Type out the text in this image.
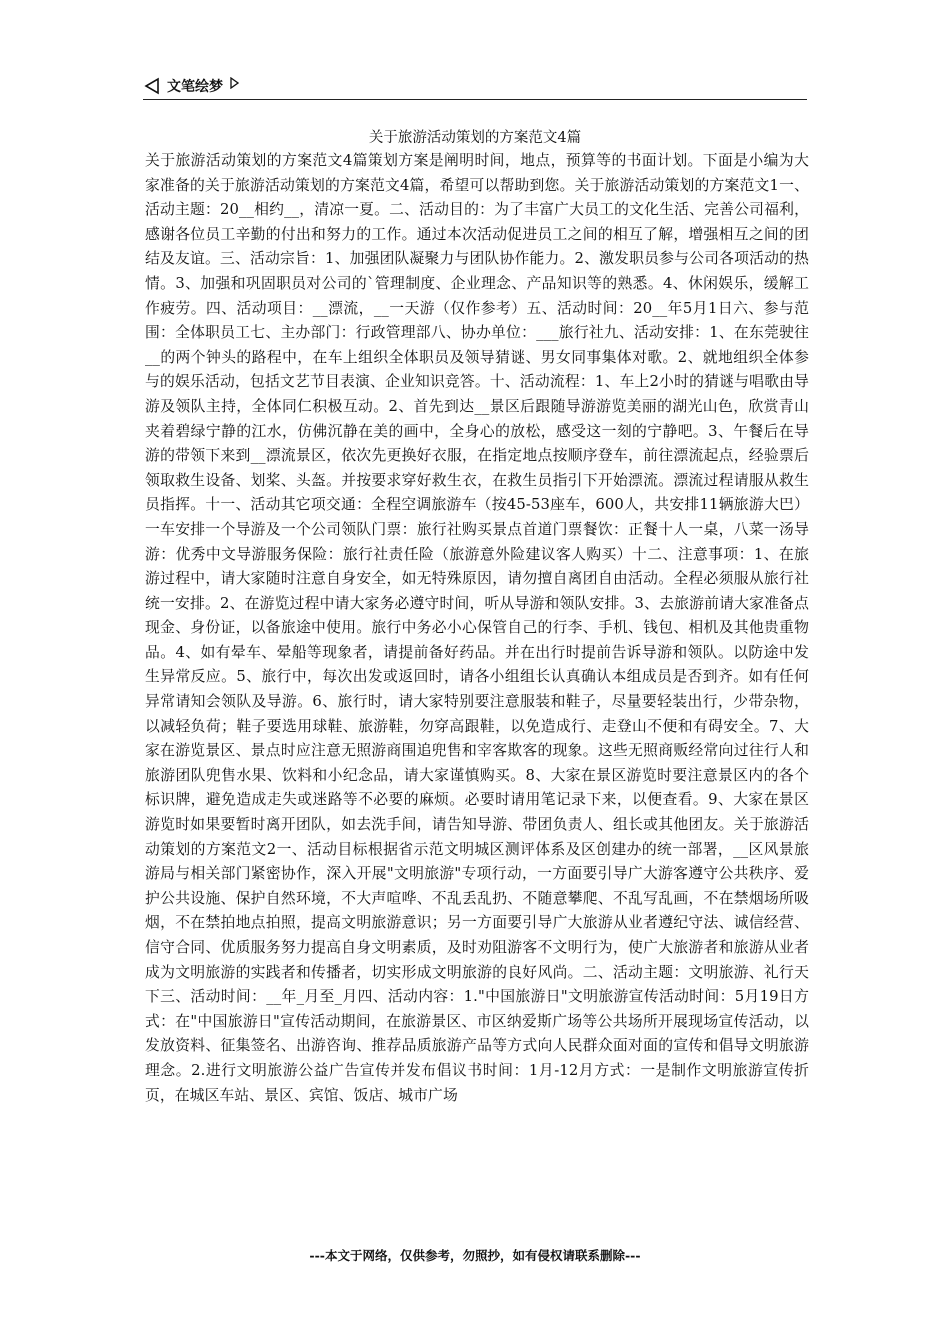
文笔绘梦
关于旅游活动策划的方案范文4篇

关于旅游活动策划的方案范文4篇策划方案是阐明时间，地点，预算等的书面计划。下面是小编为大家准备的关于旅游活动策划的方案范文4篇，希望可以帮助到您。关于旅游活动策划的方案范文1一、活动主题：20__相约__，清凉一夏。二、活动目的：为了丰富广大员工的文化生活、完善公司福利，感谢各位员工辛勤的付出和努力的工作。通过本次活动促进员工之间的相互了解，增强相互之间的团结及友谊。三、活动宗旨：1、加强团队凝聚力与团队协作能力。2、激发职员参与公司各项活动的热情。3、加强和巩固职员对公司的`管理制度、企业理念、产品知识等的熟悉。4、休闲娱乐，缓解工作疲劳。四、活动项目：__漂流，__一天游（仅作参考）五、活动时间：20__年5月1日六、参与范围：全体职员工七、主办部门：行政管理部八、协办单位：___旅行社九、活动安排：1、在东莞驶往__的两个钟头的路程中，在车上组织全体职员及领导猜谜、男女同事集体对歌。2、就地组织全体参与的娱乐活动，包括文艺节目表演、企业知识竞答。十、活动流程：1、车上2小时的猜谜与唱歌由导游及领队主持，全体同仁积极互动。2、首先到达__景区后跟随导游游览美丽的湖光山色，欣赏青山夹着碧绿宁静的江水，仿佛沉静在美的画中，全身心的放松，感受这一刻的宁静吧。3、午餐后在导游的带领下来到__漂流景区，依次先更换好衣服，在指定地点按顺序登车，前往漂流起点，经验票后领取救生设备、划桨、头盔。并按要求穿好救生衣，在救生员指引下开始漂流。漂流过程请服从救生员指挥。十一、活动其它项交通：全程空调旅游车（按45-53座车，600人，共安排11辆旅游大巴）一车安排一个导游及一个公司领队门票：旅行社购买景点首道门票餐饮：正餐十人一桌，八菜一汤导游：优秀中文导游服务保险：旅行社责任险（旅游意外险建议客人购买）十二、注意事项：1、在旅游过程中，请大家随时注意自身安全，如无特殊原因，请勿擅自离团自由活动。全程必须服从旅行社统一安排。2、在游览过程中请大家务必遵守时间，听从导游和领队安排。3、去旅游前请大家准备点现金、身份证，以备旅途中使用。旅行中务必小心保管自己的行李、手机、钱包、相机及其他贵重物品。4、如有晕车、晕船等现象者，请提前备好药品。并在出行时提前告诉导游和领队。以防途中发生异常反应。5、旅行中，每次出发或返回时，请各小组组长认真确认本组成员是否到齐。如有任何异常请知会领队及导游。6、旅行时，请大家特别要注意服装和鞋子，尽量要轻装出行，少带杂物，以减轻负荷；鞋子要选用球鞋、旅游鞋，勿穿高跟鞋，以免造成行、走登山不便和有碍安全。7、大家在游览景区、景点时应注意无照游商围追兜售和宰客欺客的现象。这些无照商贩经常向过往行人和旅游团队兜售水果、饮料和小纪念品，请大家谨慎购买。8、大家在景区游览时要注意景区内的各个标识牌，避免造成走失或迷路等不必要的麻烦。必要时请用笔记录下来，以便查看。9、大家在景区游览时如果要暂时离开团队，如去洗手间，请告知导游、带团负责人、组长或其他团友。关于旅游活动策划的方案范文2一、活动目标根据省示范文明城区测评体系及区创建办的统一部署，__区风景旅游局与相关部门紧密协作，深入开展"文明旅游"专项行动，一方面要引导广大游客遵守公共秩序、爱护公共设施、保护自然环境，不大声喧哗、不乱丢乱扔、不随意攀爬、不乱写乱画，不在禁烟场所吸烟，不在禁拍地点拍照，提高文明旅游意识；另一方面要引导广大旅游从业者遵纪守法、诚信经营、信守合同、优质服务努力提高自身文明素质，及时劝阻游客不文明行为，使广大旅游者和旅游从业者成为文明旅游的实践者和传播者，切实形成文明旅游的良好风尚。二、活动主题：文明旅游、礼行天下三、活动时间：__年_月至_月四、活动内容：1."中国旅游日"文明旅游宣传活动时间：5月19日方式：在"中国旅游日"宣传活动期间，在旅游景区、市区纳爱斯广场等公共场所开展现场宣传活动，以发放资料、征集签名、出游咨询、推荐品质旅游产品等方式向人民群众面对面的宣传和倡导文明旅游理念。2.进行文明旅游公益广告宣传并发布倡议书时间：1月-12月方式：一是制作文明旅游宣传折页，在城区车站、景区、宾馆、饭店、城市广场

---本文于网络，仅供参考，勿照抄，如有侵权请联系删除---
